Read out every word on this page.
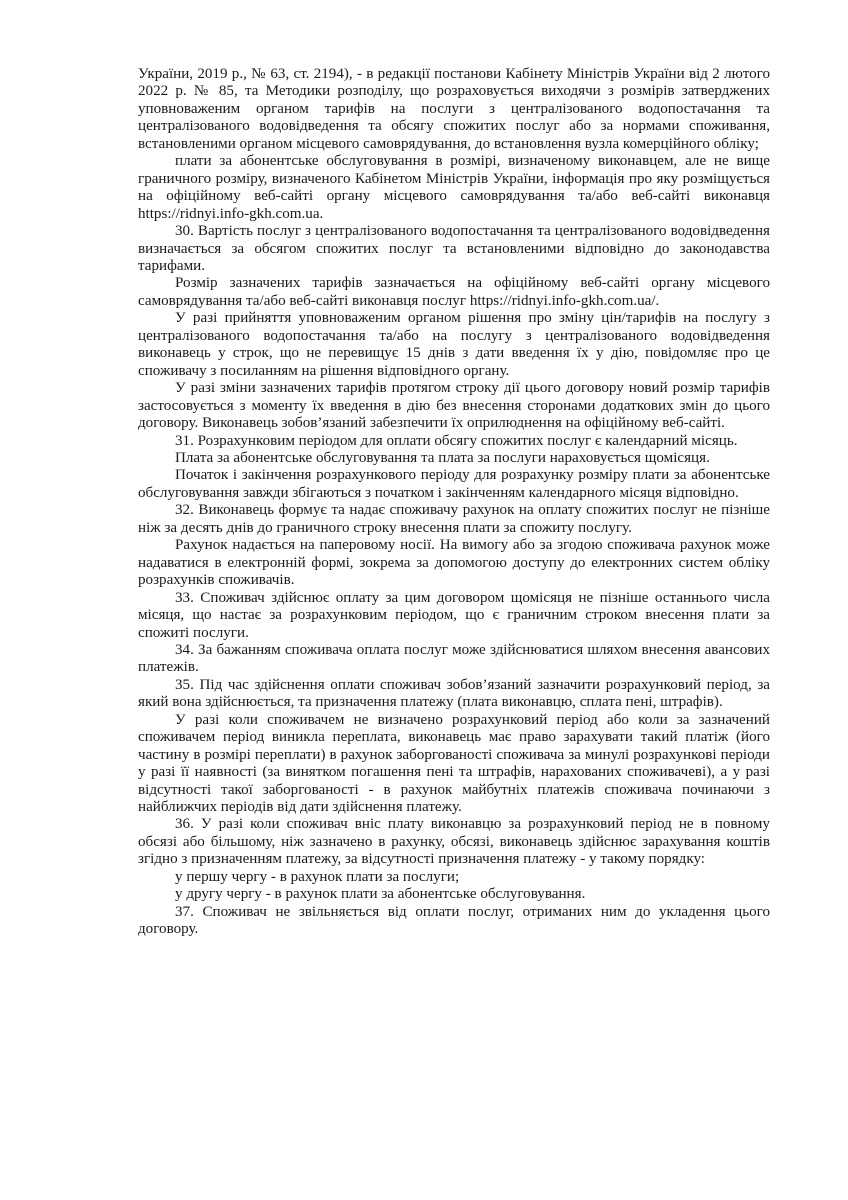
України, 2019 р., № 63, ст. 2194), - в редакції постанови Кабінету Міністрів України від 2 лютого 2022 р. № 85, та Методики розподілу, що розраховується виходячи з розмірів затверджених уповноваженим органом тарифів на послуги з централізованого водопостачання та централізованого водовідведення та обсягу спожитих послуг або за нормами споживання, встановленими органом місцевого самоврядування, до встановлення вузла комерційного обліку;

плати за абонентське обслуговування в розмірі, визначеному виконавцем, але не вище граничного розміру, визначеного Кабінетом Міністрів України, інформація про яку розміщується на офіційному веб-сайті органу місцевого самоврядування та/або веб-сайті виконавця https://ridnyi.info-gkh.com.ua.

30. Вартість послуг з централізованого водопостачання та централізованого водовідведення визначається за обсягом спожитих послуг та встановленими відповідно до законодавства тарифами.

Розмір зазначених тарифів зазначається на офіційному веб-сайті органу місцевого самоврядування та/або веб-сайті виконавця послуг https://ridnyi.info-gkh.com.ua/.

У разі прийняття уповноваженим органом рішення про зміну цін/тарифів на послугу з централізованого водопостачання та/або на послугу з централізованого водовідведення виконавець у строк, що не перевищує 15 днів з дати введення їх у дію, повідомляє про це споживачу з посиланням на рішення відповідного органу.

У разі зміни зазначених тарифів протягом строку дії цього договору новий розмір тарифів застосовується з моменту їх введення в дію без внесення сторонами додаткових змін до цього договору. Виконавець зобов’язаний забезпечити їх оприлюднення на офіційному веб-сайті.

31. Розрахунковим періодом для оплати обсягу спожитих послуг є календарний місяць.

Плата за абонентське обслуговування та плата за послуги нараховується щомісяця.

Початок і закінчення розрахункового періоду для розрахунку розміру плати за абонентське обслуговування завжди збігаються з початком і закінченням календарного місяця відповідно.

32. Виконавець формує та надає споживачу рахунок на оплату спожитих послуг не пізніше ніж за десять днів до граничного строку внесення плати за спожиту послугу.

Рахунок надається на паперовому носії. На вимогу або за згодою споживача рахунок може надаватися в електронній формі, зокрема за допомогою доступу до електронних систем обліку розрахунків споживачів.

33. Споживач здійснює оплату за цим договором щомісяця не пізніше останнього числа місяця, що настає за розрахунковим періодом, що є граничним строком внесення плати за спожиті послуги.

34. За бажанням споживача оплата послуг може здійснюватися шляхом внесення авансових платежів.

35. Під час здійснення оплати споживач зобов’язаний зазначити розрахунковий період, за який вона здійснюється, та призначення платежу (плата виконавцю, сплата пені, штрафів).

У разі коли споживачем не визначено розрахунковий період або коли за зазначений споживачем період виникла переплата, виконавець має право зарахувати такий платіж (його частину в розмірі переплати) в рахунок заборгованості споживача за минулі розрахункові періоди у разі її наявності (за винятком погашення пені та штрафів, нарахованих споживачеві), а у разі відсутності такої заборгованості - в рахунок майбутніх платежів споживача починаючи з найближчих періодів від дати здійснення платежу.

36. У разі коли споживач вніс плату виконавцю за розрахунковий період не в повному обсязі або більшому, ніж зазначено в рахунку, обсязі, виконавець здійснює зарахування коштів згідно з призначенням платежу, за відсутності призначення платежу - у такому порядку:

у першу чергу - в рахунок плати за послуги;

у другу чергу - в рахунок плати за абонентське обслуговування.

37. Споживач не звільняється від оплати послуг, отриманих ним до укладення цього договору.
